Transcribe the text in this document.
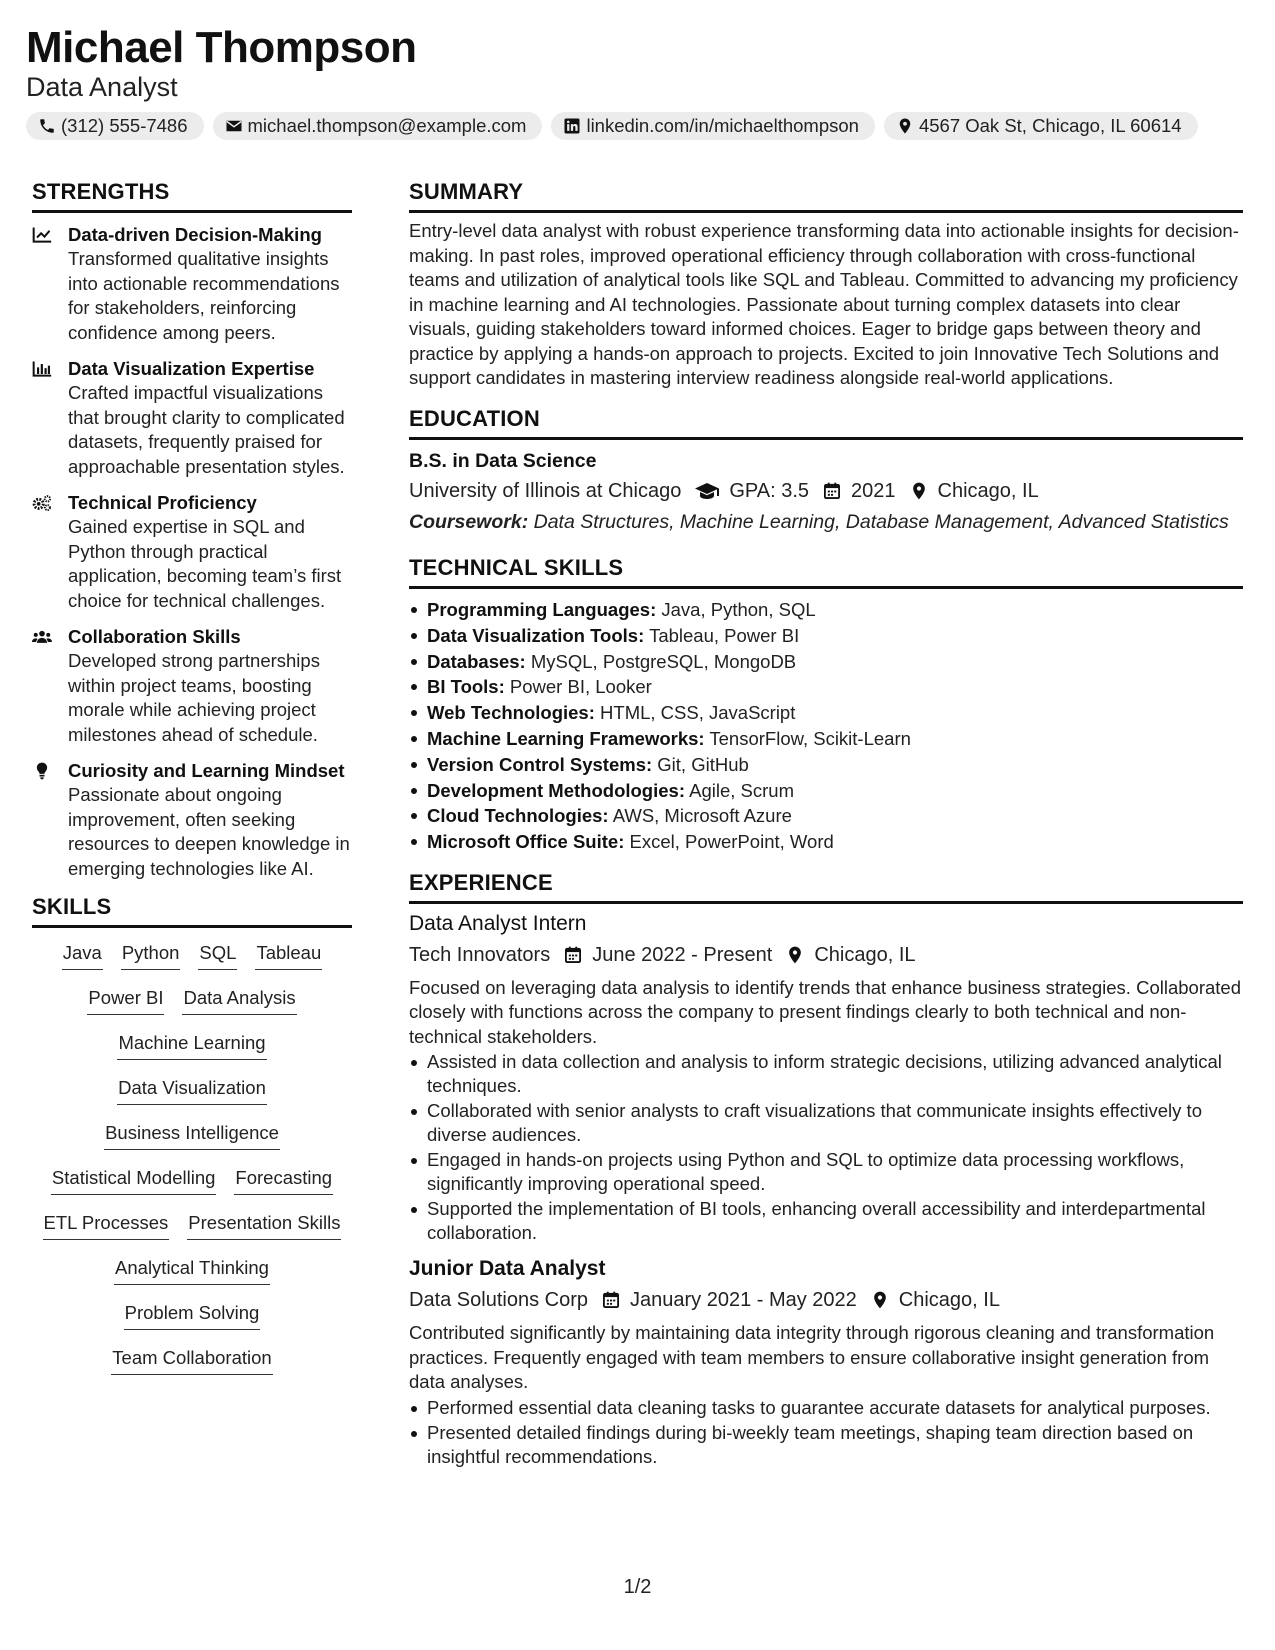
Michael Thompson
Data Analyst
(312) 555-7486	michael.thompson@example.com	linkedin.com/in/michaelthompson	4567 Oak St, Chicago, IL 60614
STRENGTHS
Data-driven Decision-Making
Transformed qualitative insights into actionable recommendations for stakeholders, reinforcing confidence among peers.
Data Visualization Expertise
Crafted impactful visualizations that brought clarity to complicated datasets, frequently praised for approachable presentation styles.
Technical Proficiency
Gained expertise in SQL and Python through practical application, becoming team’s first choice for technical challenges.
Collaboration Skills
Developed strong partnerships within project teams, boosting morale while achieving project milestones ahead of schedule.
Curiosity and Learning Mindset
Passionate about ongoing improvement, often seeking resources to deepen knowledge in emerging technologies like AI.
SKILLS
Java Python SQL Tableau
Power BI Data Analysis
Machine Learning
Data Visualization
Business Intelligence
Statistical Modelling Forecasting
ETL Processes Presentation Skills
Analytical Thinking
Problem Solving
Team Collaboration
SUMMARY
Entry-level data analyst with robust experience transforming data into actionable insights for decision-making. In past roles, improved operational efficiency through collaboration with cross-functional teams and utilization of analytical tools like SQL and Tableau. Committed to advancing my proficiency in machine learning and AI technologies. Passionate about turning complex datasets into clear visuals, guiding stakeholders toward informed choices. Eager to bridge gaps between theory and practice by applying a hands-on approach to projects. Excited to join Innovative Tech Solutions and support candidates in mastering interview readiness alongside real-world applications.
EDUCATION
B.S. in Data Science
University of Illinois at Chicago GPA: 3.5 2021 Chicago, IL
Coursework: Data Structures, Machine Learning, Database Management, Advanced Statistics
TECHNICAL SKILLS
Programming Languages: Java, Python, SQL
Data Visualization Tools: Tableau, Power BI
Databases: MySQL, PostgreSQL, MongoDB
BI Tools: Power BI, Looker
Web Technologies: HTML, CSS, JavaScript
Machine Learning Frameworks: TensorFlow, Scikit-Learn
Version Control Systems: Git, GitHub
Development Methodologies: Agile, Scrum
Cloud Technologies: AWS, Microsoft Azure
Microsoft Office Suite: Excel, PowerPoint, Word
EXPERIENCE
Data Analyst Intern
Tech Innovators June 2022 - Present Chicago, IL
Focused on leveraging data analysis to identify trends that enhance business strategies. Collaborated closely with functions across the company to present findings clearly to both technical and non-technical stakeholders.
Assisted in data collection and analysis to inform strategic decisions, utilizing advanced analytical techniques.
Collaborated with senior analysts to craft visualizations that communicate insights effectively to diverse audiences.
Engaged in hands-on projects using Python and SQL to optimize data processing workflows, significantly improving operational speed.
Supported the implementation of BI tools, enhancing overall accessibility and interdepartmental collaboration.
Junior Data Analyst
Data Solutions Corp January 2021 - May 2022 Chicago, IL
Contributed significantly by maintaining data integrity through rigorous cleaning and transformation practices. Frequently engaged with team members to ensure collaborative insight generation from data analyses.
Performed essential data cleaning tasks to guarantee accurate datasets for analytical purposes.
Presented detailed findings during bi-weekly team meetings, shaping team direction based on insightful recommendations.
1/2
